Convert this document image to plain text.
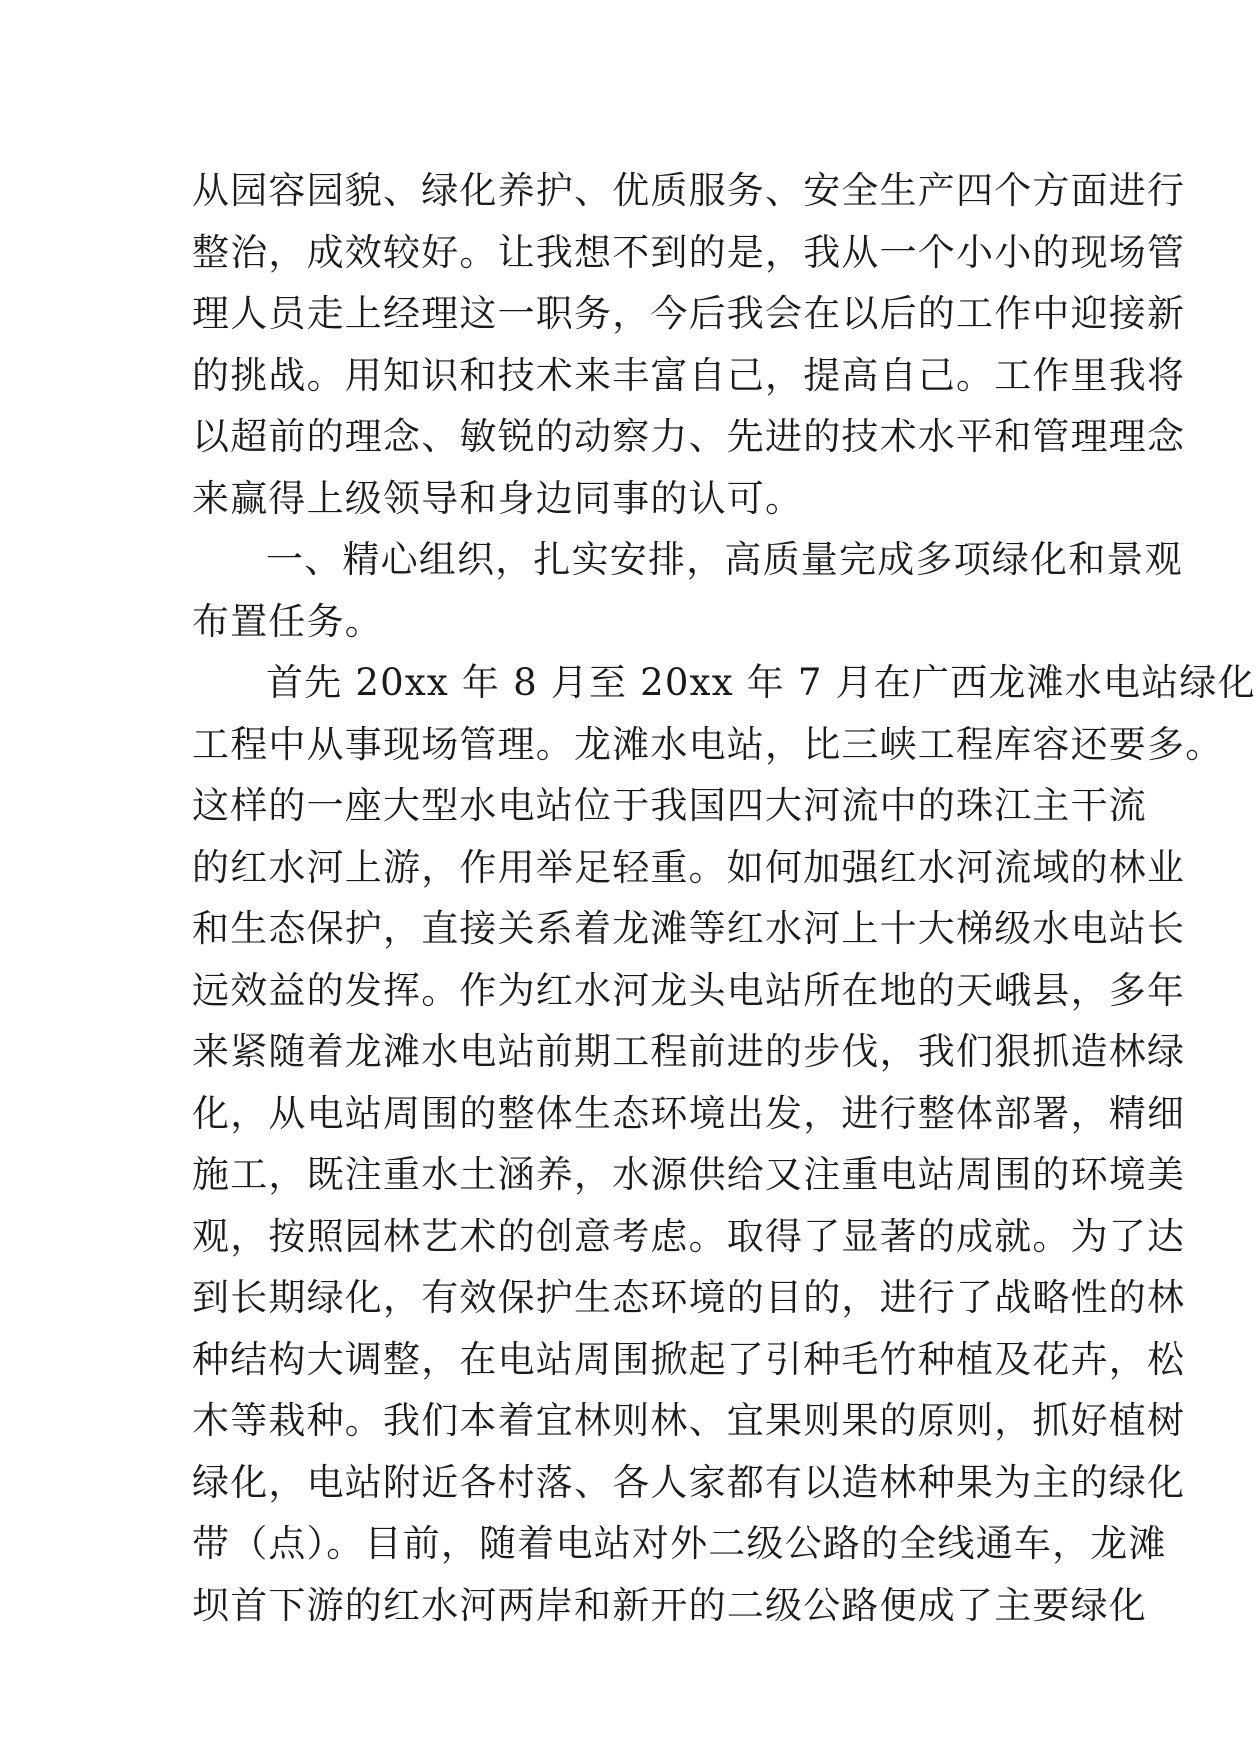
从园容园貌、绿化养护、优质服务、安全生产四个方面进行
整治，成效较好。让我想不到的是，我从一个小小的现场管
理人员走上经理这一职务，今后我会在以后的工作中迎接新
的挑战。用知识和技术来丰富自己，提高自己。工作里我将
以超前的理念、敏锐的动察力、先进的技术水平和管理理念
来赢得上级领导和身边同事的认可。
一、精心组织，扎实安排，高质量完成多项绿化和景观
布置任务。
首先 20xx 年 8 月至 20xx 年 7 月在广西龙滩水电站绿化
工程中从事现场管理。龙滩水电站，比三峡工程库容还要多。
这样的一座大型水电站位于我国四大河流中的珠江主干流
的红水河上游，作用举足轻重。如何加强红水河流域的林业
和生态保护，直接关系着龙滩等红水河上十大梯级水电站长
远效益的发挥。作为红水河龙头电站所在地的天峨县，多年
来紧随着龙滩水电站前期工程前进的步伐，我们狠抓造林绿
化，从电站周围的整体生态环境出发，进行整体部署，精细
施工，既注重水土涵养，水源供给又注重电站周围的环境美
观，按照园林艺术的创意考虑。取得了显著的成就。为了达
到长期绿化，有效保护生态环境的目的，进行了战略性的林
种结构大调整，在电站周围掀起了引种毛竹种植及花卉，松
木等栽种。我们本着宜林则林、宜果则果的原则，抓好植树
绿化，电站附近各村落、各人家都有以造林种果为主的绿化
带（点）。目前，随着电站对外二级公路的全线通车，龙滩
坝首下游的红水河两岸和新开的二级公路便成了主要绿化
